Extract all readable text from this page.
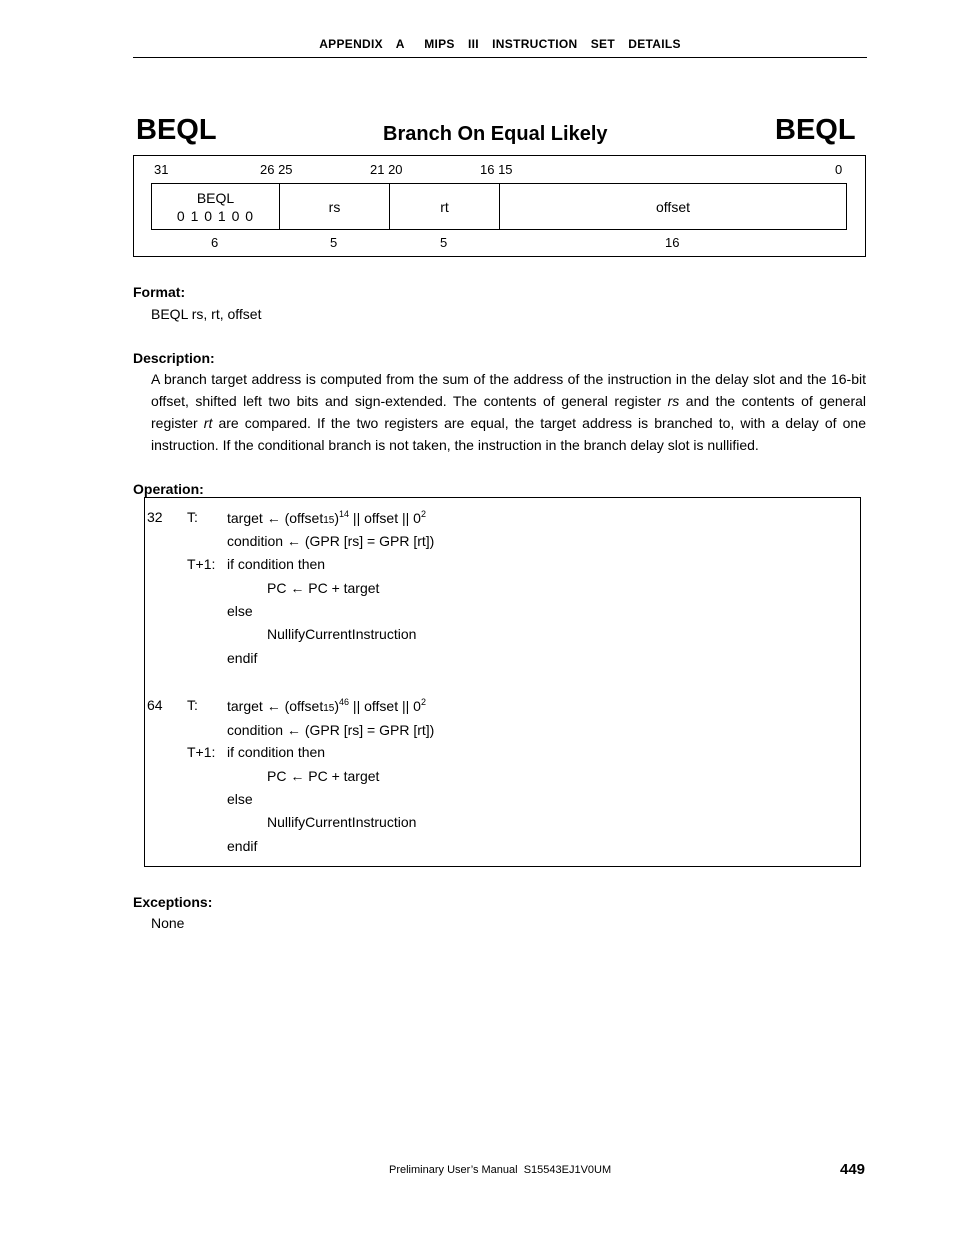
APPENDIX  A   MIPS  III  INSTRUCTION  SET  DETAILS
BEQL	Branch On Equal Likely	BEQL
31	26 25	21 20	16 15	0
BEQL
0 1 0 1 0 0
rs	rt	offset
6	5	5	16
Format:
BEQL rs, rt, offset
Description:
A branch target address is computed from the sum of the address of the instruction in the delay slot and the 16-bit offset, shifted left two bits and sign-extended. The contents of general register rs and the contents of general register rt are compared. If the two registers are equal, the target address is branched to, with a delay of one instruction. If the conditional branch is not taken, the instruction in the branch delay slot is nullified.
Operation:
32 T: target ← (offset15)$^{14}$ || offset || $0^2$
condition ← (GPR [rs] = GPR [rt])
T+1: if condition then
PC ← PC + target
else
NullifyCurrentInstruction
endif
64 T: target ← (offset15)$^{46}$ || offset || $0^2$
condition ← (GPR [rs] = GPR [rt])
T+1: if condition then
PC ← PC + target
else
NullifyCurrentInstruction
endif
Exceptions:
None
Preliminary User’s Manual  S15543EJ1V0UM	449
